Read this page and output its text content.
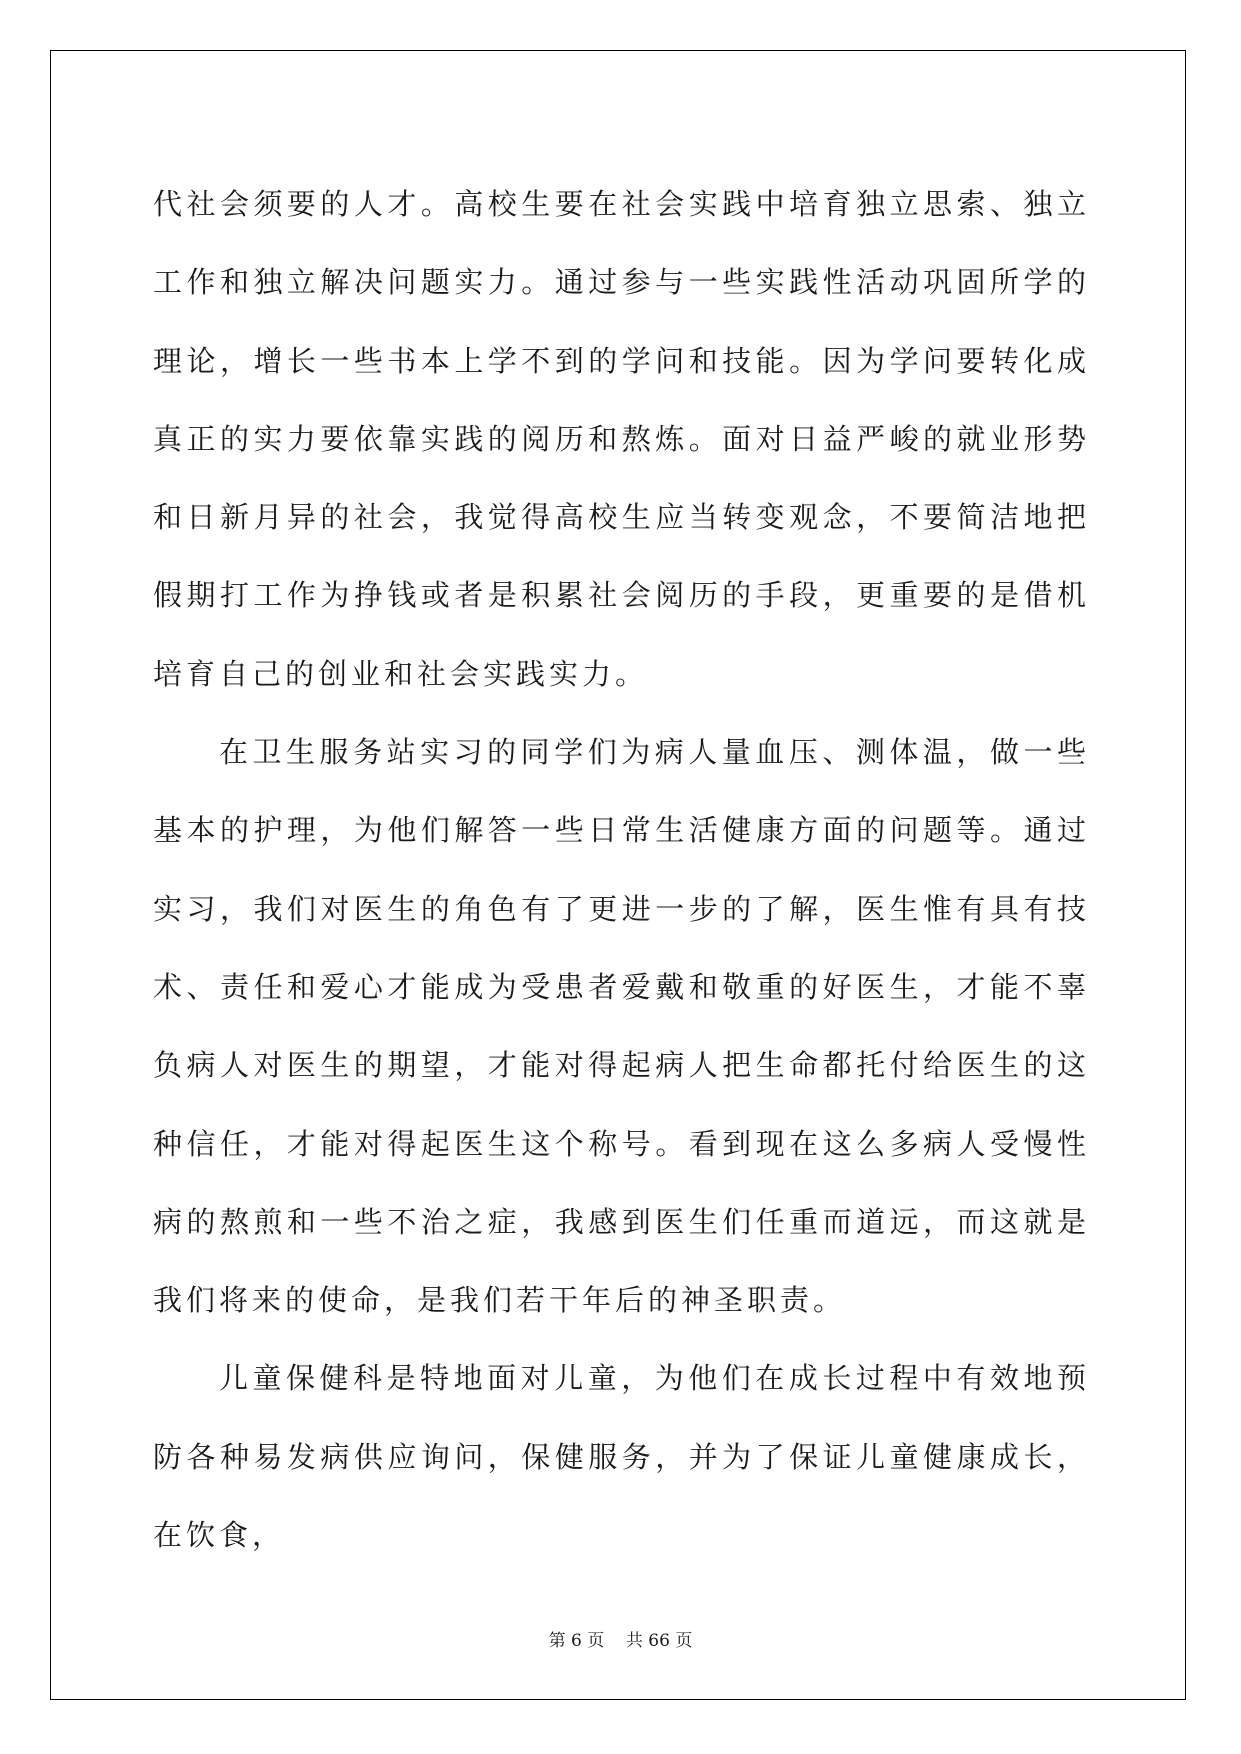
代社会须要的人才。高校生要在社会实践中培育独立思索、独立工作和独立解决问题实力。通过参与一些实践性活动巩固所学的理论，增长一些书本上学不到的学问和技能。因为学问要转化成真正的实力要依靠实践的阅历和熬炼。面对日益严峻的就业形势和日新月异的社会，我觉得高校生应当转变观念，不要简洁地把假期打工作为挣钱或者是积累社会阅历的手段，更重要的是借机培育自己的创业和社会实践实力。

在卫生服务站实习的同学们为病人量血压、测体温，做一些基本的护理，为他们解答一些日常生活健康方面的问题等。通过实习，我们对医生的角色有了更进一步的了解，医生惟有具有技术、责任和爱心才能成为受患者爱戴和敬重的好医生，才能不辜负病人对医生的期望，才能对得起病人把生命都托付给医生的这种信任，才能对得起医生这个称号。看到现在这么多病人受慢性病的熬煎和一些不治之症，我感到医生们任重而道远，而这就是我们将来的使命，是我们若干年后的神圣职责。

儿童保健科是特地面对儿童，为他们在成长过程中有效地预防各种易发病供应询问，保健服务，并为了保证儿童健康成长，在饮食，

第 6 页    共 66 页
